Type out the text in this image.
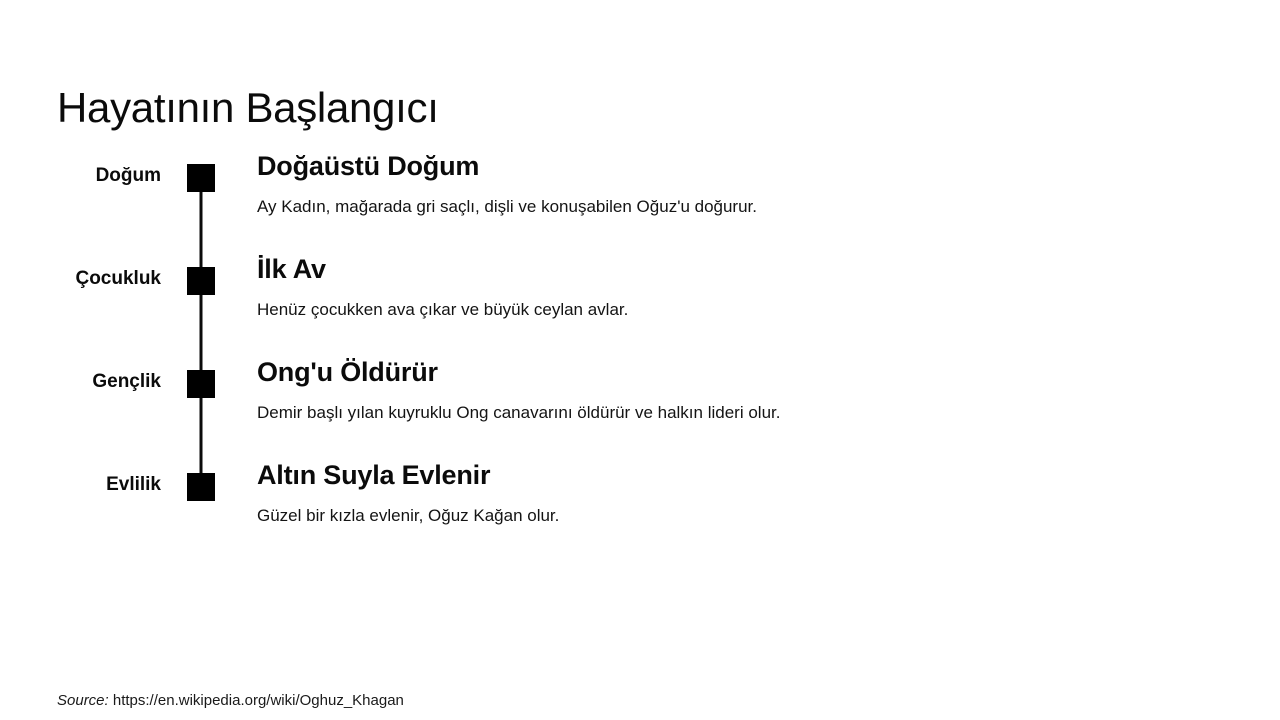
Hayatının Başlangıcı
Doğum	Doğaüstü Doğum
Ay Kadın, mağarada gri saçlı, dişli ve konuşabilen Oğuz'u doğurur.
Çocukluk	İlk Av
Henüz çocukken ava çıkar ve büyük ceylan avlar.
Gençlik	Ong'u Öldürür
Demir başlı yılan kuyruklu Ong canavarını öldürür ve halkın lideri olur.
Evlilik	Altın Suyla Evlenir
Güzel bir kızla evlenir, Oğuz Kağan olur.
Source: https://en.wikipedia.org/wiki/Oghuz_Khagan
